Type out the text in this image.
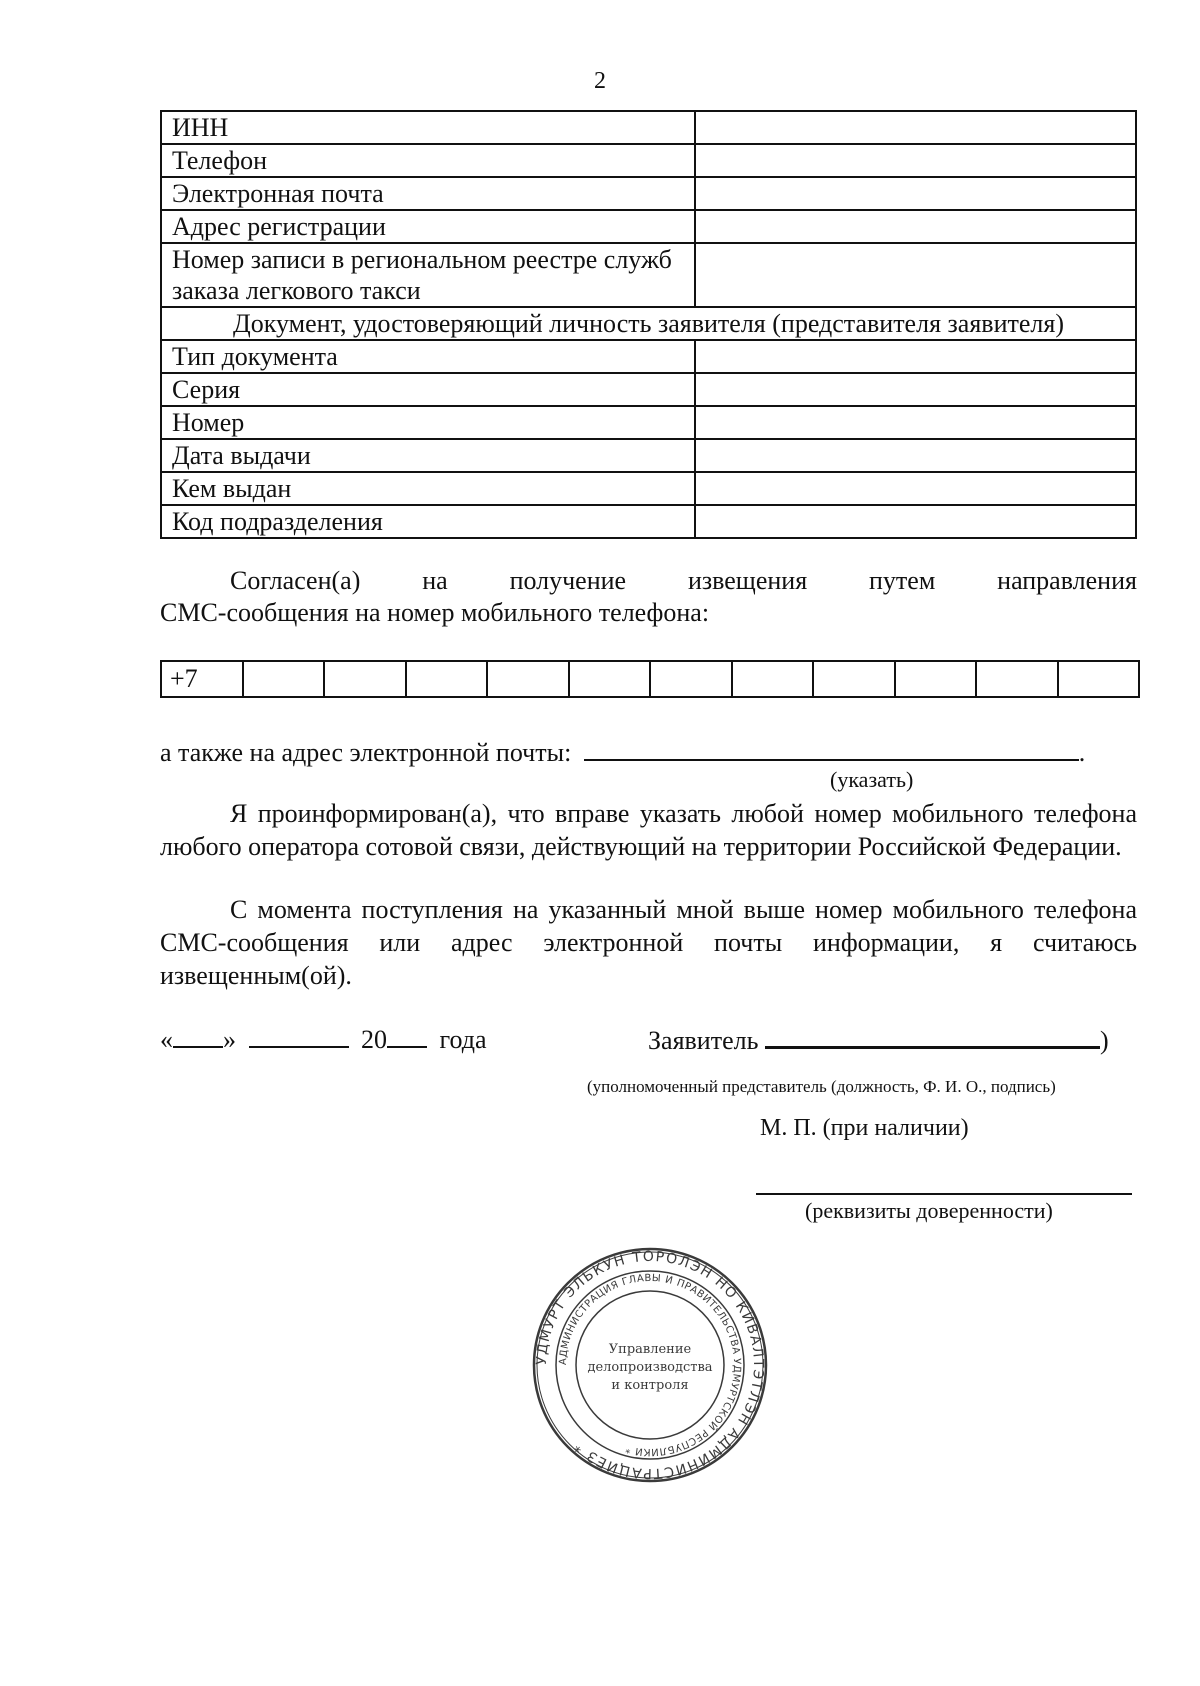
2
ИНН	
Телефон	
Электронная почта	
Адрес регистрации	
Номер записи в региональном реестре служб заказа легкового такси	
Документ, удостоверяющий личность заявителя (представителя заявителя)	
Тип документа	
Серия	
Номер	
Дата выдачи	
Кем выдан	
Код подразделения	
Согласен(а) на получение извещения путем направления
СМС-сообщения на номер мобильного телефона:
+7											
а также на адрес электронной почты:	.
(указать)
Я проинформирован(а), что вправе указать любой номер мобильного телефона любого оператора сотовой связи, действующий на территории Российской Федерации.
С момента поступления на указанный мной выше номер мобильного телефона СМС-сообщения или адрес электронной почты информации, я считаюсь извещенным(ой).
« »	20 года	Заявитель	)
(уполномоченный представитель (должность, Ф. И. О., подпись)
М. П. (при наличии)
(реквизиты доверенности)
УДМУРТ ЭЛЬКУН ТОРОЛЭН НО КИВАЛТЭТЛЭН АДМИНИСТРАЦИЕЗ *
АДМИНИСТРАЦИЯ ГЛАВЫ И ПРАВИТЕЛЬСТВА УДМУРТСКОЙ РЕСПУБЛИКИ *
Управление
делопроизводства
и контроля
